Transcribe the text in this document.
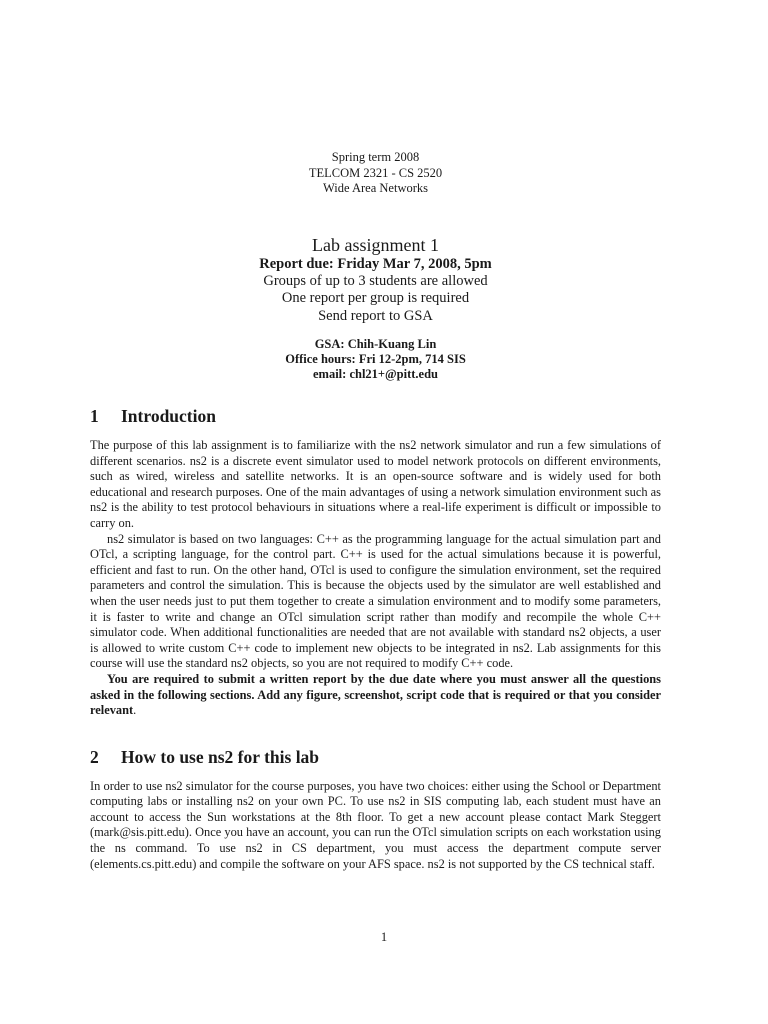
Spring term 2008
TELCOM 2321 - CS 2520
Wide Area Networks
Lab assignment 1
Report due: Friday Mar 7, 2008, 5pm
Groups of up to 3 students are allowed
One report per group is required
Send report to GSA
GSA: Chih-Kuang Lin
Office hours: Fri 12-2pm, 714 SIS
email: chl21+@pitt.edu
1	Introduction

The purpose of this lab assignment is to familiarize with the ns2 network simulator and run a few simulations of different scenarios. ns2 is a discrete event simulator used to model network protocols on different environments, such as wired, wireless and satellite networks. It is an open-source software and is widely used for both educational and research purposes. One of the main advantages of using a network simulation environment such as ns2 is the ability to test protocol behaviours in situations where a real-life experiment is difficult or impossible to carry on.

ns2 simulator is based on two languages: C++ as the programming language for the actual simulation part and OTcl, a scripting language, for the control part. C++ is used for the actual simulations because it is powerful, efficient and fast to run. On the other hand, OTcl is used to configure the simulation environment, set the required parameters and control the simulation. This is because the objects used by the simulator are well established and when the user needs just to put them together to create a simulation environment and to modify some parameters, it is faster to write and change an OTcl simulation script rather than modify and recompile the whole C++ simulator code. When additional functionalities are needed that are not available with standard ns2 objects, a user is allowed to write custom C++ code to implement new objects to be integrated in ns2. Lab assignments for this course will use the standard ns2 objects, so you are not required to modify C++ code.

You are required to submit a written report by the due date where you must answer all the questions asked in the following sections. Add any figure, screenshot, script code that is required or that you consider relevant.

2	How to use ns2 for this lab

In order to use ns2 simulator for the course purposes, you have two choices: either using the School or Department computing labs or installing ns2 on your own PC. To use ns2 in SIS computing lab, each student must have an account to access the Sun workstations at the 8th floor. To get a new account please contact Mark Steggert (mark@sis.pitt.edu). Once you have an account, you can run the OTcl simulation scripts on each workstation using the ns command. To use ns2 in CS department, you must access the department compute server (elements.cs.pitt.edu) and compile the software on your AFS space. ns2 is not supported by the CS technical staff.

1
